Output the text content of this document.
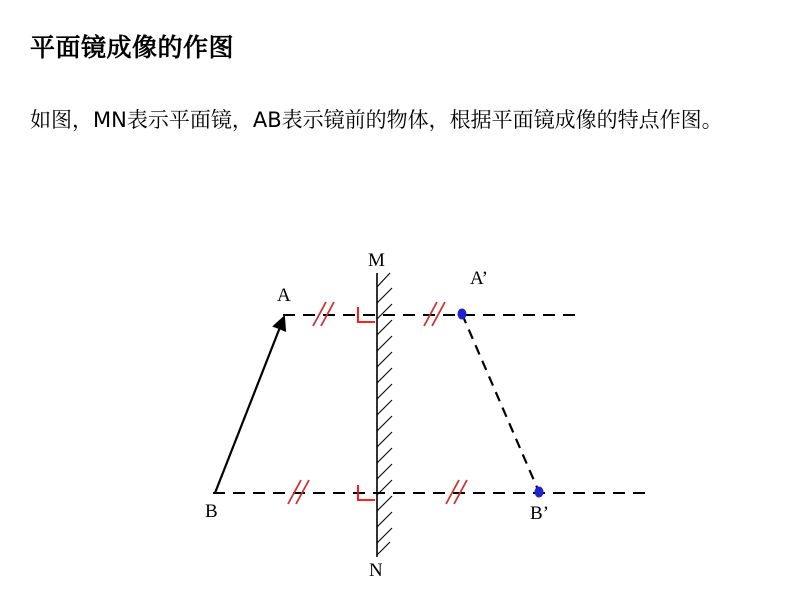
平面镜成像的作图
如图，MN表示平面镜，AB表示镜前的物体，根据平面镜成像的特点作图。
M
N
A
B
A’
B’
